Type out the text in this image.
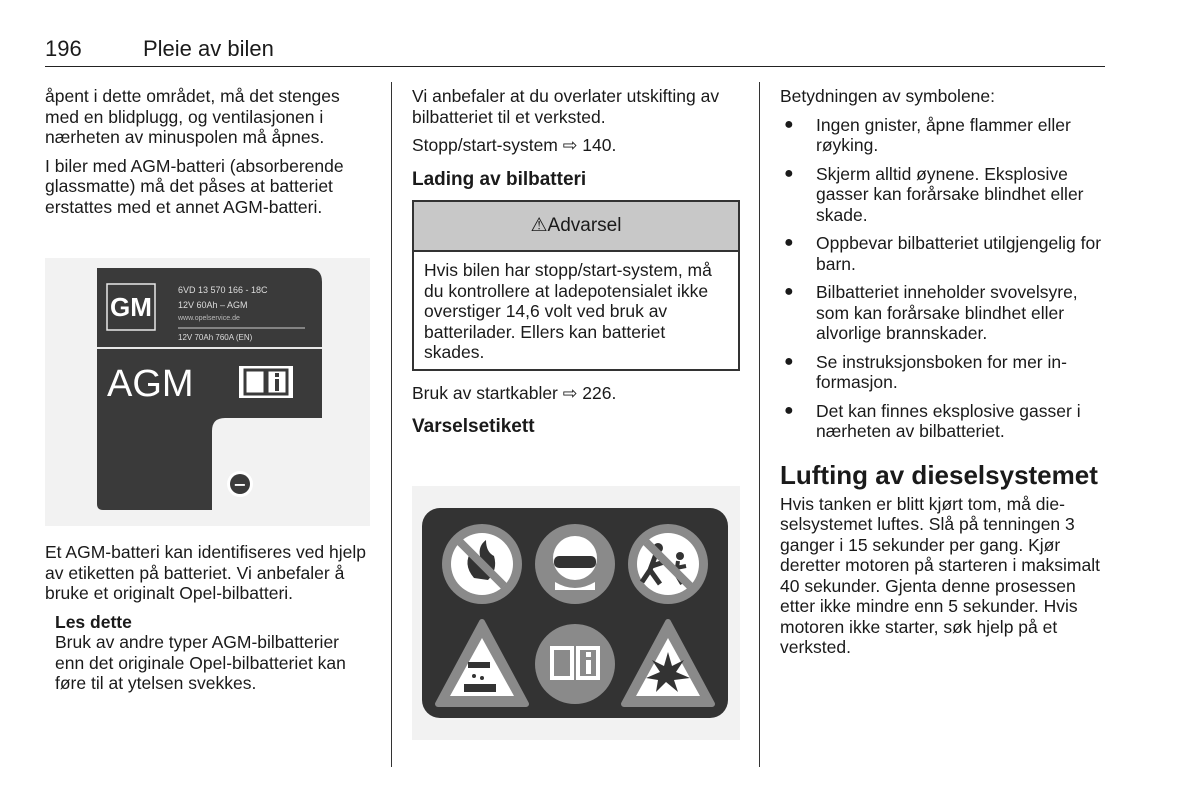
196	Pleie av bilen

åpent i dette området, må det stenges med en blidplugg, og ventilasjonen i nærheten av minuspolen må åpnes.

I biler med AGM-batteri (absorberende glassmatte) må det påses at batteriet erstattes med et annet AGM-batteri.

GM
6VD 13 570 166 - 18C
12V 60Ah – AGM
www.opelservice.de
12V 70Ah 760A (EN)
AGM
−

Et AGM-batteri kan identifiseres ved hjelp av etiketten på batteriet. Vi anbefaler å bruke et originalt Opel-bilbatteri.

Les dette
Bruk av andre typer AGM-bilbatterier enn det originale Opel-bilbatteriet kan føre til at ytelsen svekkes.

Vi anbefaler at du overlater utskifting av bilbatteriet til et verksted.

Stopp/start-system ⇨ 140.

Lading av bilbatteri
⚠Advarsel
Hvis bilen har stopp/start-system, må du kontrollere at ladepotensialet ikke overstiger 14,6 volt ved bruk av batterilader. Ellers kan batteriet skades.

Bruk av startkabler ⇨ 226.

Varselsetikett

Betydningen av symbolene:

● Ingen gnister, åpne flammer eller røyking.
● Skjerm alltid øynene. Eksplosive gasser kan forårsake blindhet eller skade.
● Oppbevar bilbatteriet utilgjengelig for barn.
● Bilbatteriet inneholder svovelsyre, som kan forårsake blindhet eller alvorlige brannskader.
● Se instruksjonsboken for mer informasjon.
● Det kan finnes eksplosive gasser i nærheten av bilbatteriet.
Lufting av dieselsystemet

Hvis tanken er blitt kjørt tom, må dieselsystemet luftes. Slå på tenningen 3 ganger i 15 sekunder per gang. Kjør deretter motoren på starteren i maksimalt 40 sekunder. Gjenta denne prosessen etter ikke mindre enn 5 sekunder. Hvis motoren ikke starter, søk hjelp på et verksted.
